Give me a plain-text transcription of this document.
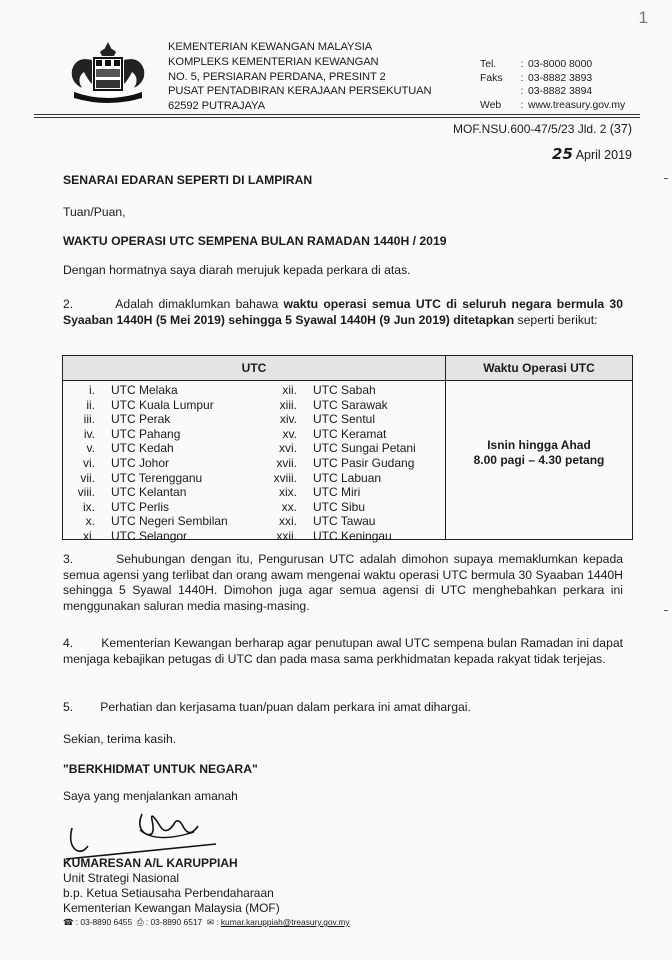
1
KEMENTERIAN KEWANGAN MALAYSIA
KOMPLEKS KEMENTERIAN KEWANGAN
NO. 5, PERSIARAN PERDANA, PRESINT 2
PUSAT PENTADBIRAN KERAJAAN PERSEKUTUAN
62592 PUTRAJAYA
Tel. : 03-8000 8000
Faks : 03-8882 3893
: 03-8882 3894
Web : www.treasury.gov.my
MOF.NSU.600-47/5/23 Jld. 2 (37)
25 April 2019
SENARAI EDARAN SEPERTI DI LAMPIRAN
Tuan/Puan,
WAKTU OPERASI UTC SEMPENA BULAN RAMADAN 1440H / 2019
Dengan hormatnya saya diarah merujuk kepada perkara di atas.
2.	Adalah dimaklumkan bahawa waktu operasi semua UTC di seluruh negara bermula 30 Syaaban 1440H (5 Mei 2019) sehingga 5 Syawal 1440H (9 Jun 2019) ditetapkan seperti berikut:
UTC	Waktu Operasi UTC
i. UTC Melaka	xii. UTC Sabah
ii. UTC Kuala Lumpur	xiii. UTC Sarawak
iii. UTC Perak	xiv. UTC Sentul
iv. UTC Pahang	xv. UTC Keramat
v. UTC Kedah	xvi. UTC Sungai Petani
vi. UTC Johor	xvii. UTC Pasir Gudang
vii. UTC Terengganu	xviii. UTC Labuan
viii. UTC Kelantan	xix. UTC Miri
ix. UTC Perlis	xx. UTC Sibu
x. UTC Negeri Sembilan	xxi. UTC Tawau
xi. UTC Selangor	xxii. UTC Keningau
Isnin hingga Ahad
8.00 pagi – 4.30 petang
3.	Sehubungan dengan itu, Pengurusan UTC adalah dimohon supaya memaklumkan kepada semua agensi yang terlibat dan orang awam mengenai waktu operasi UTC bermula 30 Syaaban 1440H sehingga 5 Syawal 1440H. Dimohon juga agar semua agensi di UTC menghebahkan perkara ini menggunakan saluran media masing-masing.
4. Kementerian Kewangan berharap agar penutupan awal UTC sempena bulan Ramadan ini dapat menjaga kebajikan petugas di UTC dan pada masa sama perkhidmatan kepada rakyat tidak terjejas.
5. Perhatian dan kerjasama tuan/puan dalam perkara ini amat dihargai.
Sekian, terima kasih.
"BERKHIDMAT UNTUK NEGARA"
Saya yang menjalankan amanah
KUMARESAN A/L KARUPPIAH
Unit Strategi Nasional
b.p. Ketua Setiausaha Perbendaharaan
Kementerian Kewangan Malaysia (MOF)
☎ : 03-8890 6455 ⎙ : 03-8890 6517 ✉ : kumar.karuppiah@treasury.gov.my
